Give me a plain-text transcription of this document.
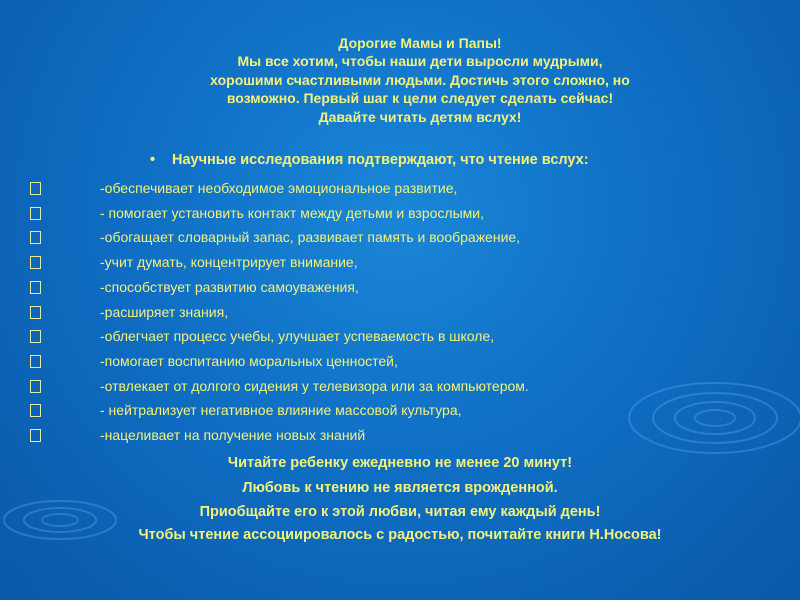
Дорогие Мамы и Папы!
Мы все хотим, чтобы наши дети выросли мудрыми,
хорошими счастливыми людьми. Достичь этого сложно, но
возможно. Первый шаг к цели следует сделать сейчас!
Давайте читать детям вслух!
• Научные исследования подтверждают, что чтение вслух:
-обеспечивает необходимое эмоциональное развитие,
- помогает установить контакт между детьми и взрослыми,
-обогащает словарный запас, развивает память и воображение,
-учит думать, концентрирует внимание,
-способствует развитию самоуважения,
-расширяет знания,
-облегчает процесс учебы, улучшает успеваемость в школе,
-помогает воспитанию моральных ценностей,
-отвлекает от долгого сидения у телевизора или за компьютером.
- нейтрализует негативное влияние массовой культура,
-нацеливает на получение новых знаний
Читайте ребенку ежедневно не менее 20 минут!
Любовь к чтению не является врожденной.
Приобщайте его к этой любви, читая ему каждый день!
Чтобы чтение ассоциировалось с радостью, почитайте книги Н.Носова!
